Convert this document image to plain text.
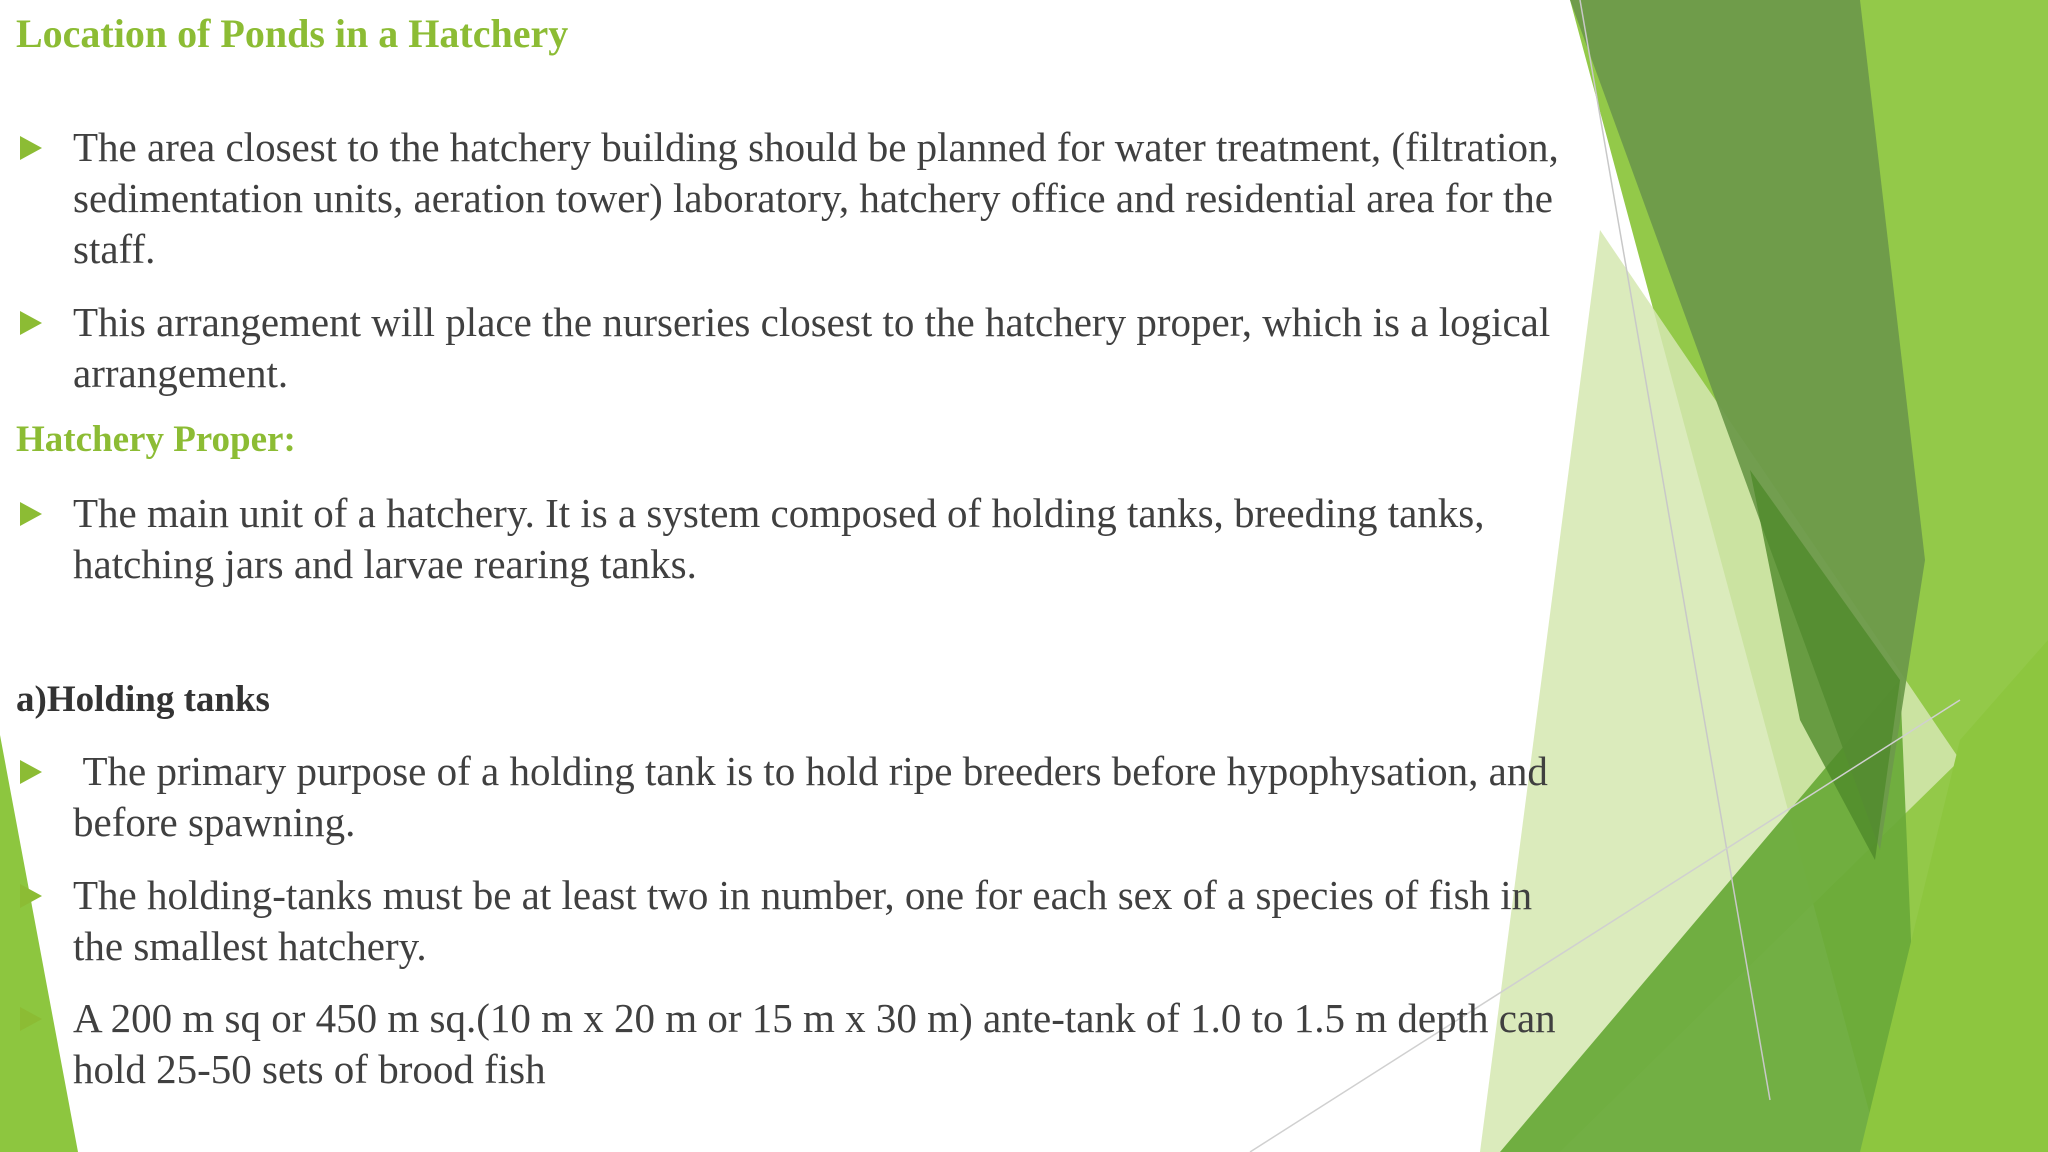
Location of Ponds in a Hatchery

The area closest to the hatchery building should be planned for water treatment, (filtration,
sedimentation units, aeration tower) laboratory, hatchery office and residential area for the
staff.

This arrangement will place the nurseries closest to the hatchery proper, which is a logical
arrangement.

Hatchery Proper:

The main unit of a hatchery. It is a system composed of holding tanks, breeding tanks,
hatching jars and larvae rearing tanks.

a)Holding tanks

The primary purpose of a holding tank is to hold ripe breeders before hypophysation, and
before spawning.

The holding-tanks must be at least two in number, one for each sex of a species of fish in
the smallest hatchery.

A 200 m sq or 450 m sq.(10 m x 20 m or 15 m x 30 m) ante-tank of 1.0 to 1.5 m depth can
hold 25-50 sets of brood fish
